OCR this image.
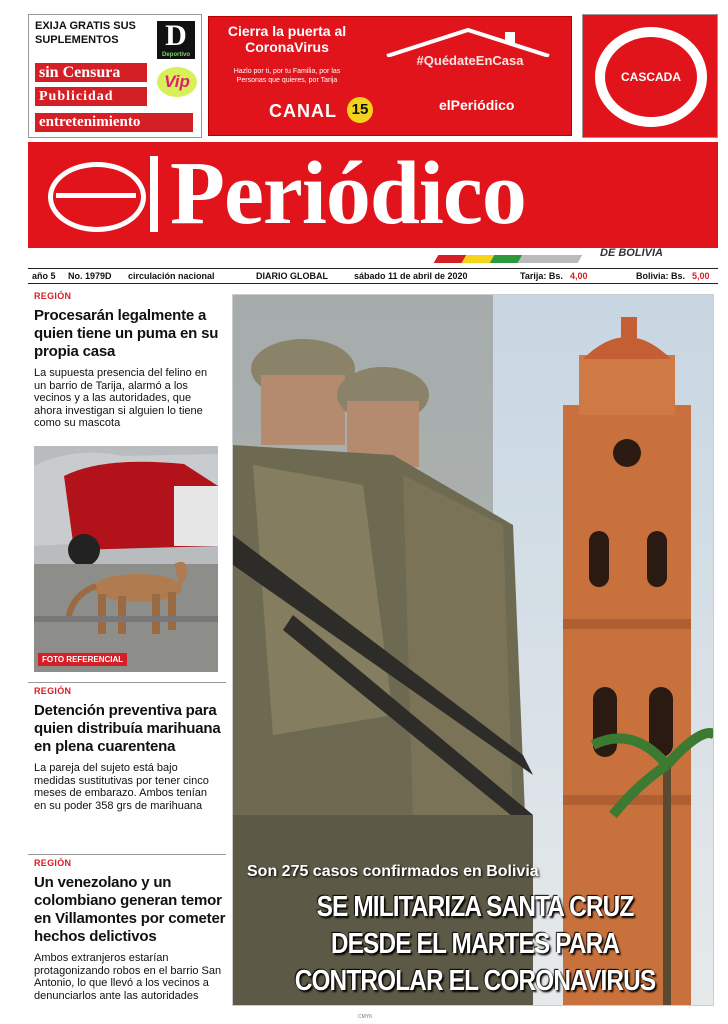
EXIJA GRATIS SUS SUPLEMENTOS	D
Deportivo
Vip
sin Censura
Publicidad
entretenimiento
Cierra la puerta al CoronaVirus
Hazlo por ti, por tu Familia, por las Personas que quieres, por Tarija
CANAL 15
#QuédateEnCasa
elPeriódico
CASCADA
Periódico
DE BOLIVIA
año 5 No. 1979D circulación nacional	DIARIO GLOBAL	sábado 11 de abril de 2020	Tarija: Bs. 4,00	Bolivia: Bs. 5,00
REGIÓN
Procesarán legalmente a quien tiene un puma en su propia casa
La supuesta presencia del felino en un barrio de Tarija, alarmó a los vecinos y a las autoridades, que ahora investigan si alguien lo tiene como su mascota
FOTO REFERENCIAL
REGIÓN
Detención preventiva para quien distribuía marihuana en plena cuarentena
La pareja del sujeto está bajo medidas sustitutivas por tener cinco meses de embarazo. Ambos tenían en su poder 358 grs de marihuana
REGIÓN
Un venezolano y un colombiano generan temor en Villamontes por cometer hechos delictivos
Ambos extranjeros estarían protagonizando robos en el barrio San Antonio, lo que llevó a los vecinos a denunciarlos ante las autoridades
Son 275 casos confirmados en Bolivia
SE MILITARIZA SANTA CRUZ DESDE EL MARTES PARA CONTROLAR EL CORONAVIRUS
CMYK
